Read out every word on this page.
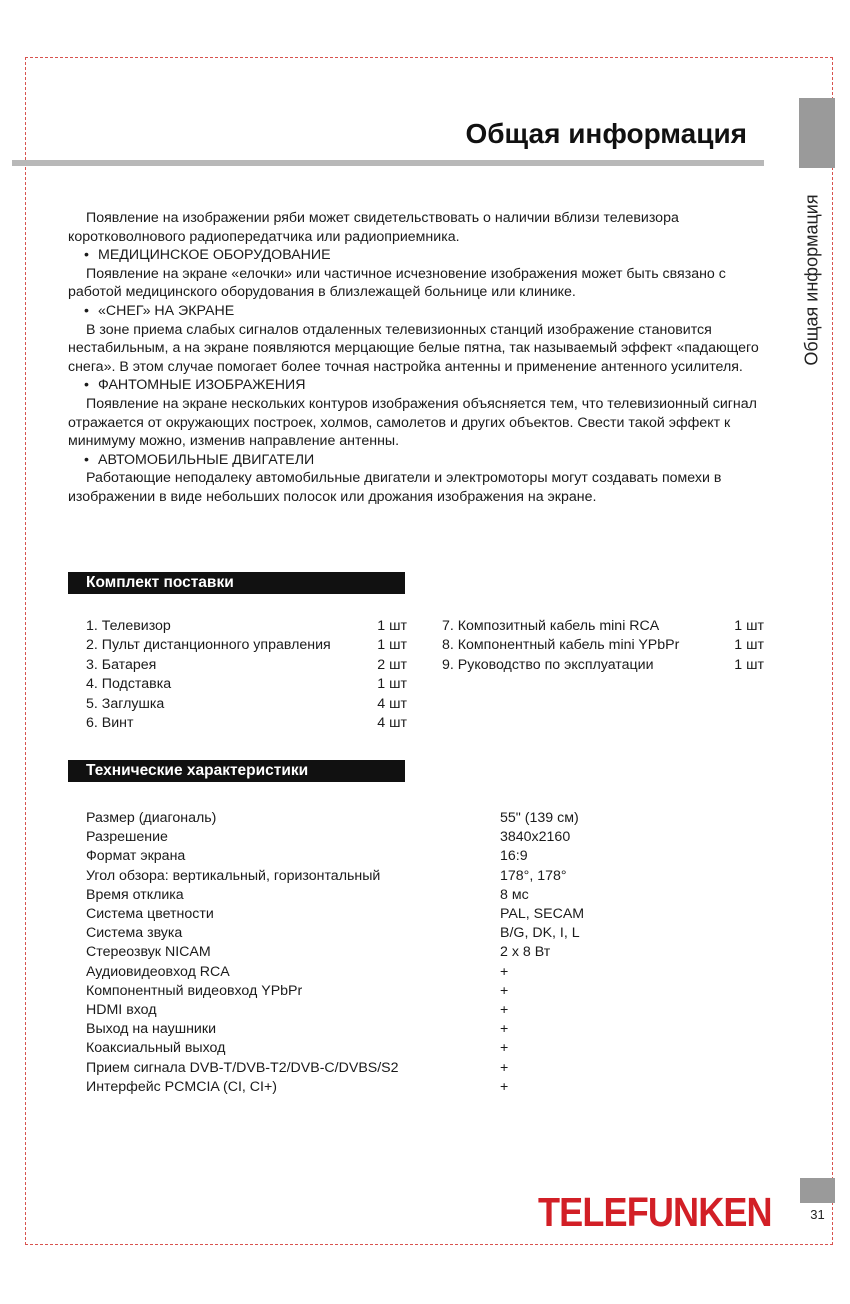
Общая информация
Общая информация

Появление на изображении ряби может свидетельствовать о наличии вблизи телевизора коротковолнового радиопередатчика или радиоприемника.

• МЕДИЦИНСКОЕ ОБОРУДОВАНИЕ

Появление на экране «елочки» или частичное исчезновение изображения может быть связано с работой медицинского оборудования в близлежащей больнице или клинике.

• «СНЕГ» НА ЭКРАНЕ

В зоне приема слабых сигналов отдаленных телевизионных станций изображение становится нестабильным, а на экране появляются мерцающие белые пятна, так называемый эффект «падающего снега». В этом случае помогает более точная настройка антенны и применение антенного усилителя.

• ФАНТОМНЫЕ ИЗОБРАЖЕНИЯ

Появление на экране нескольких контуров изображения объясняется тем, что телевизионный сигнал отражается от окружающих построек, холмов, самолетов и других объектов. Свести такой эффект к минимуму можно, изменив направление антенны.

• АВТОМОБИЛЬНЫЕ ДВИГАТЕЛИ

Работающие неподалеку автомобильные двигатели и электромоторы могут создавать помехи в изображении в виде небольших полосок или дрожания изображения на экране.

Комплект поставки
1. Телевизор	1 шт
2. Пульт дистанционного управления	1 шт
3. Батарея	2 шт
4. Подставка	1 шт
5. Заглушка	4 шт
6. Винт	4 шт
7. Композитный кабель mini RCA	1 шт
8. Компонентный кабель mini YPbPr	1 шт
9. Руководство по эксплуатации	1 шт
Технические характеристики
Размер (диагональ)	55" (139 см)
Разрешение	3840x2160
Формат экрана	16:9
Угол обзора: вертикальный, горизонтальный	178°, 178°
Время отклика	8 мс
Система цветности	PAL, SECAM
Система звука	B/G, DK, I, L
Стереозвук NICAM	2 х 8 Вт
Аудиовидеовход RCA	+
Компонентный видеовход YPbPr	+
HDMI вход	+
Выход на наушники	+
Коаксиальный выход	+
Прием сигнала DVB-T/DVB-T2/DVB-C/DVBS/S2	+
Интерфейс PCMCIA (CI, CI+)	+
TELEFUNKEN	31
